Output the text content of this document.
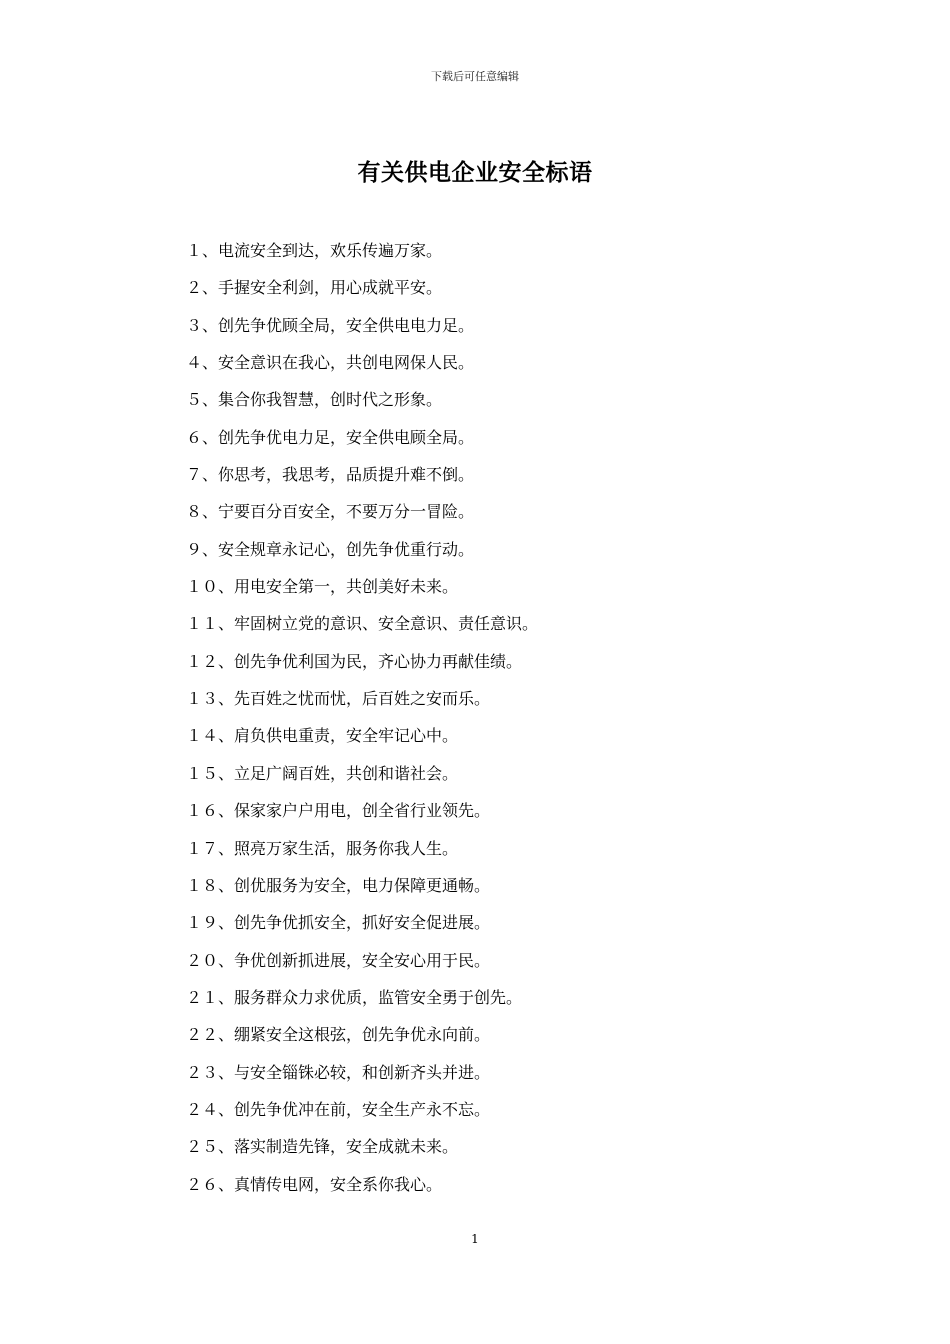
下载后可任意编辑
有关供电企业安全标语
１、电流安全到达，欢乐传遍万家。
２、手握安全利剑，用心成就平安。
３、创先争优顾全局，安全供电电力足。
４、安全意识在我心，共创电网保人民。
５、集合你我智慧，创时代之形象。
６、创先争优电力足，安全供电顾全局。
７、你思考，我思考，品质提升难不倒。
８、宁要百分百安全，不要万分一冒险。
９、安全规章永记心，创先争优重行动。
１０、用电安全第一，共创美好未来。
１１、牢固树立党的意识、安全意识、责任意识。
１２、创先争优利国为民，齐心协力再献佳绩。
１３、先百姓之忧而忧，后百姓之安而乐。
１４、肩负供电重责，安全牢记心中。
１５、立足广阔百姓，共创和谐社会。
１６、保家家户户用电，创全省行业领先。
１７、照亮万家生活，服务你我人生。
１８、创优服务为安全，电力保障更通畅。
１９、创先争优抓安全，抓好安全促进展。
２０、争优创新抓进展，安全安心用于民。
２１、服务群众力求优质，监管安全勇于创先。
２２、绷紧安全这根弦，创先争优永向前。
２３、与安全锱铢必较，和创新齐头并进。
２４、创先争优冲在前，安全生产永不忘。
２５、落实制造先锋，安全成就未来。
２６、真情传电网，安全系你我心。
1
